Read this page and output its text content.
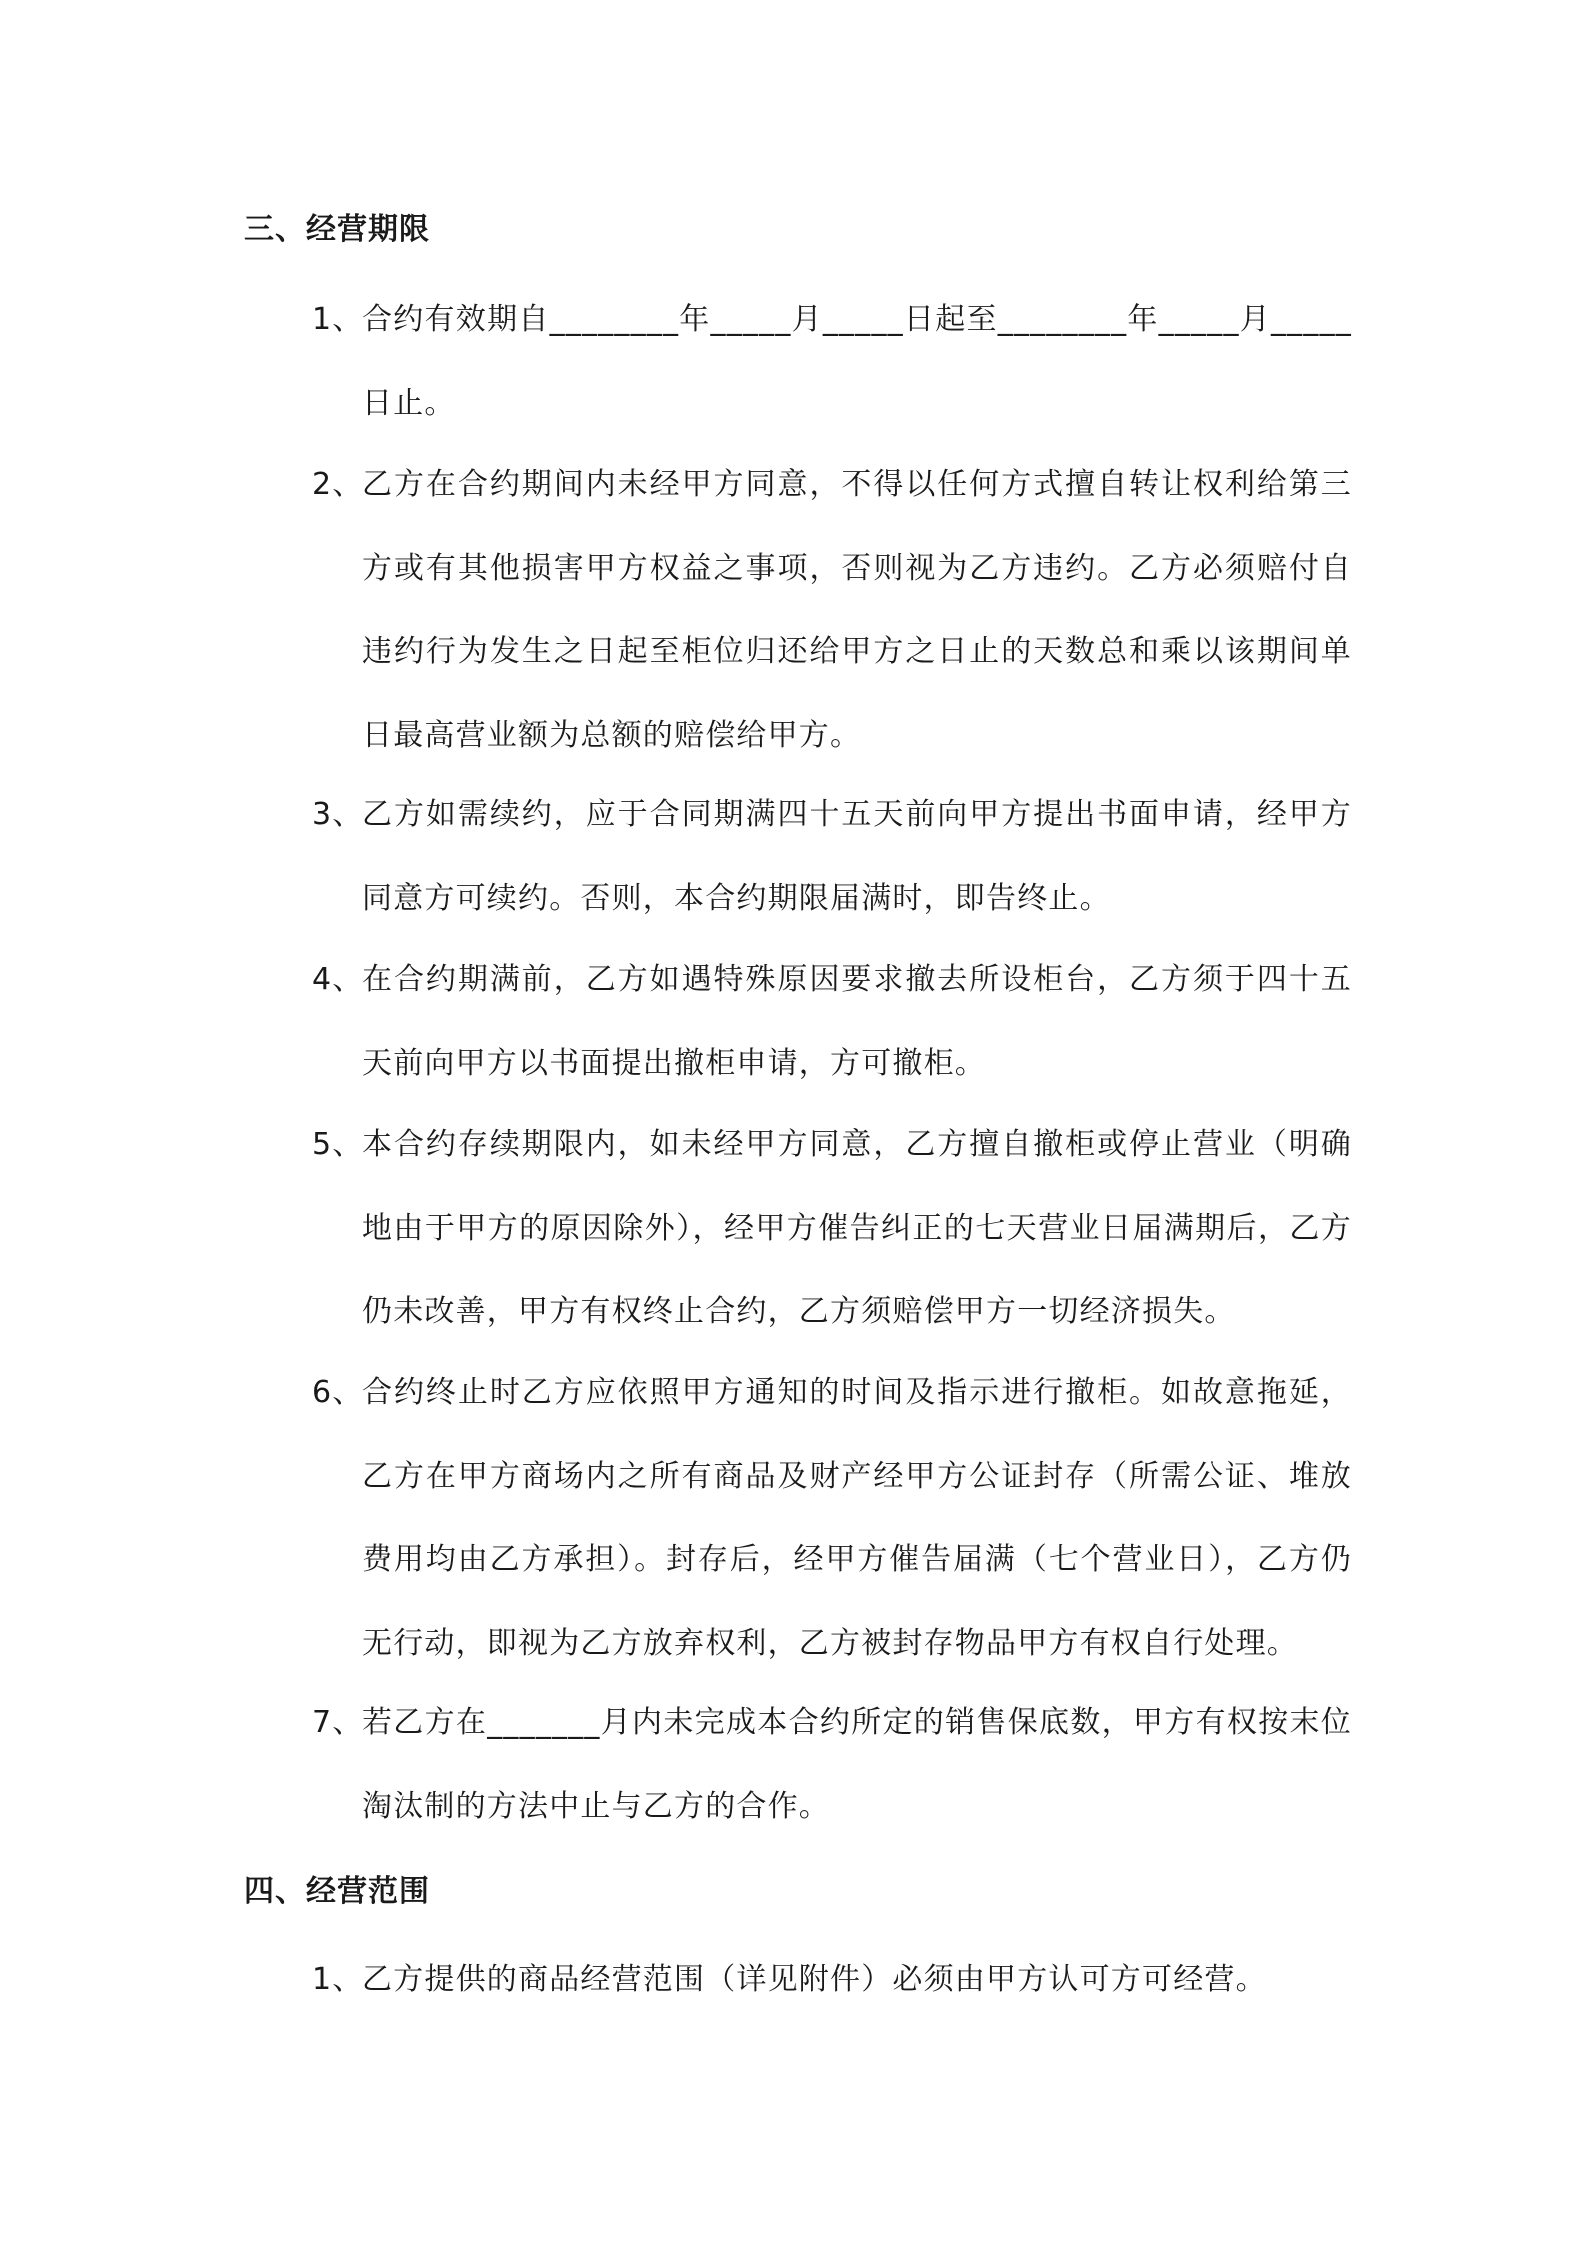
三、经营期限
1、
合约有效期自________年_____月_____日起至________年_____月_____日止。
2、
乙方在合约期间内未经甲方同意，不得以任何方式擅自转让权利给第三方或有其他损害甲方权益之事项，否则视为乙方违约。乙方必须赔付自违约行为发生之日起至柜位归还给甲方之日止的天数总和乘以该期间单日最高营业额为总额的赔偿给甲方。
3、
乙方如需续约，应于合同期满四十五天前向甲方提出书面申请，经甲方同意方可续约。否则，本合约期限届满时，即告终止。
4、
在合约期满前，乙方如遇特殊原因要求撤去所设柜台，乙方须于四十五天前向甲方以书面提出撤柜申请，方可撤柜。
5、
本合约存续期限内，如未经甲方同意，乙方擅自撤柜或停止营业（明确地由于甲方的原因除外），经甲方催告纠正的七天营业日届满期后，乙方仍未改善，甲方有权终止合约，乙方须赔偿甲方一切经济损失。
6、
合约终止时乙方应依照甲方通知的时间及指示进行撤柜。如故意拖延，乙方在甲方商场内之所有商品及财产经甲方公证封存（所需公证、堆放费用均由乙方承担）。封存后，经甲方催告届满（七个营业日），乙方仍无行动，即视为乙方放弃权利，乙方被封存物品甲方有权自行处理。
7、
若乙方在_______月内未完成本合约所定的销售保底数，甲方有权按末位淘汰制的方法中止与乙方的合作。
四、经营范围
1、
乙方提供的商品经营范围（详见附件）必须由甲方认可方可经营。
